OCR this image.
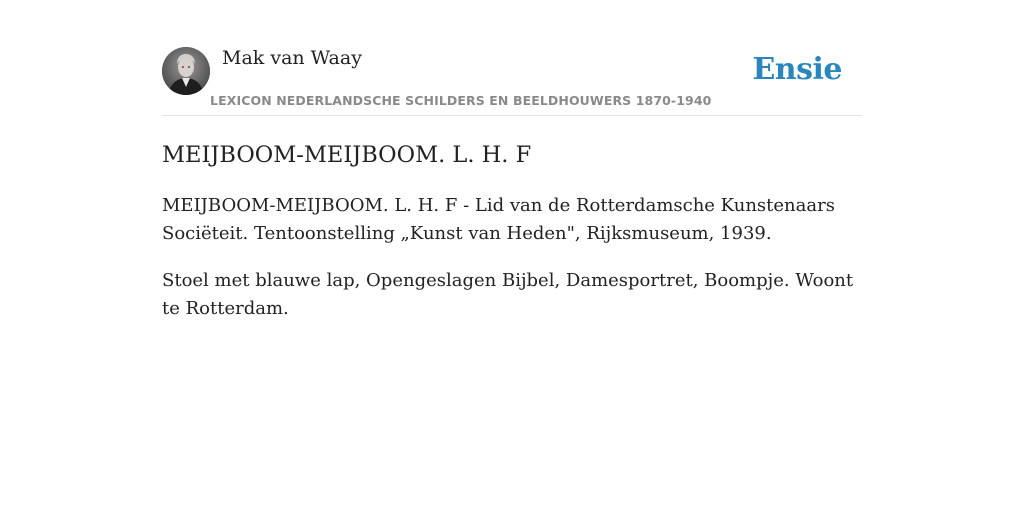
Mak van Waay
LEXICON NEDERLANDSCHE SCHILDERS EN BEELDHOUWERS 1870-1940
Ensie
MEIJBOOM-MEIJBOOM. L. H. F

MEIJBOOM-MEIJBOOM. L. H. F - Lid van de Rotterdamsche Kunstenaars Sociëteit. Tentoonstelling „Kunst van Heden", Rijksmuseum, 1939.

Stoel met blauwe lap, Opengeslagen Bijbel, Damesportret, Boompje. Woont te Rotterdam.
